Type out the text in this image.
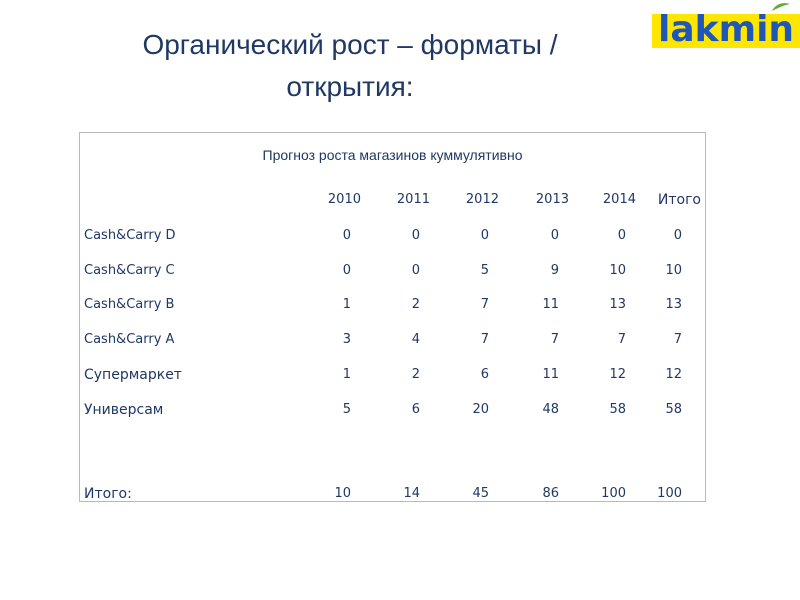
Органический рост – форматы / открытия:
lakmin
Прогноз роста магазинов куммулятивно
2010	2011	2012	2013	2014	Итого
Cash&Carry D	0	0	0	0	0	0
Cash&Carry С	0	0	5	9	10	10
Cash&Carry B	1	2	7	11	13	13
Cash&Carry A	3	4	7	7	7	7
Супермаркет	1	2	6	11	12	12
Универсам	5	6	20	48	58	58
Итого:	10	14	45	86	100	100
